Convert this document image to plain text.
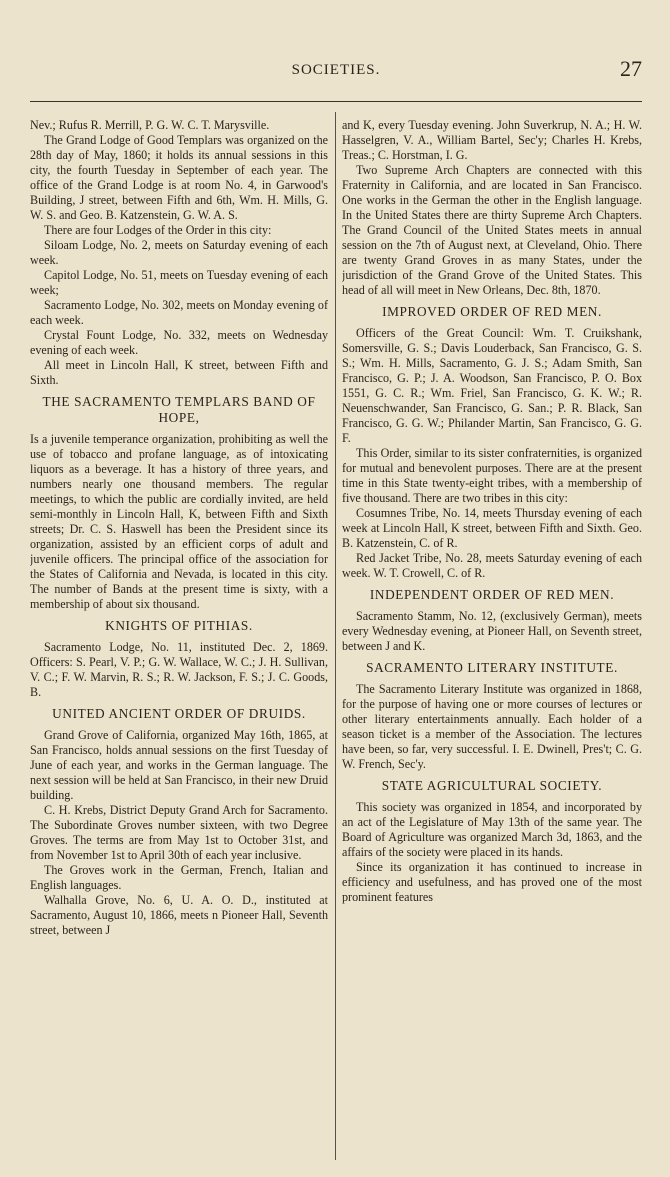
SOCIETIES.	27

Nev.; Rufus R. Merrill, P. G. W. C. T. Marysville.

The Grand Lodge of Good Templars was organized on the 28th day of May, 1860; it holds its annual sessions in this city, the fourth Tuesday in September of each year. The office of the Grand Lodge is at room No. 4, in Garwood's Building, J street, between Fifth and 6th, Wm. H. Mills, G. W. S. and Geo. B. Katzenstein, G. W. A. S.

There are four Lodges of the Order in this city:

Siloam Lodge, No. 2, meets on Saturday evening of each week.

Capitol Lodge, No. 51, meets on Tuesday evening of each week;

Sacramento Lodge, No. 302, meets on Monday evening of each week.

Crystal Fount Lodge, No. 332, meets on Wednesday evening of each week.

All meet in Lincoln Hall, K street, between Fifth and Sixth.

THE SACRAMENTO TEMPLARS BAND OF HOPE,

Is a juvenile temperance organization, prohibiting as well the use of tobacco and profane language, as of intoxicating liquors as a beverage. It has a history of three years, and numbers nearly one thousand members. The regular meetings, to which the public are cordially invited, are held semi-monthly in Lincoln Hall, K, between Fifth and Sixth streets; Dr. C. S. Haswell has been the President since its organization, assisted by an efficient corps of adult and juvenile officers. The principal office of the association for the States of California and Nevada, is located in this city. The number of Bands at the present time is sixty, with a membership of about six thousand.

KNIGHTS OF PITHIAS.

Sacramento Lodge, No. 11, instituted Dec. 2, 1869. Officers: S. Pearl, V. P.; G. W. Wallace, W. C.; J. H. Sullivan, V. C.; F. W. Marvin, R. S.; R. W. Jackson, F. S.; J. C. Goods, B.

UNITED ANCIENT ORDER OF DRUIDS.

Grand Grove of California, organized May 16th, 1865, at San Francisco, holds annual sessions on the first Tuesday of June of each year, and works in the German language. The next session will be held at San Francisco, in their new Druid building.

C. H. Krebs, District Deputy Grand Arch for Sacramento. The Subordinate Groves number sixteen, with two Degree Groves. The terms are from May 1st to October 31st, and from November 1st to April 30th of each year inclusive.

The Groves work in the German, French, Italian and English languages.

Walhalla Grove, No. 6, U. A. O. D., instituted at Sacramento, August 10, 1866, meets n Pioneer Hall, Seventh street, between J

and K, every Tuesday evening. John Suverkrup, N. A.; H. W. Hasselgren, V. A., William Bartel, Sec'y; Charles H. Krebs, Treas.; C. Horstman, I. G.

Two Supreme Arch Chapters are connected with this Fraternity in California, and are located in San Francisco. One works in the German the other in the English language. In the United States there are thirty Supreme Arch Chapters. The Grand Council of the United States meets in annual session on the 7th of August next, at Cleveland, Ohio. There are twenty Grand Groves in as many States, under the jurisdiction of the Grand Grove of the United States. This head of all will meet in New Orleans, Dec. 8th, 1870.

IMPROVED ORDER OF RED MEN.

Officers of the Great Council: Wm. T. Cruikshank, Somersville, G. S.; Davis Louderback, San Francisco, G. S. S.; Wm. H. Mills, Sacramento, G. J. S.; Adam Smith, San Francisco, G. P.; J. A. Woodson, San Francisco, P. O. Box 1551, G. C. R.; Wm. Friel, San Francisco, G. K. W.; R. Neuenschwander, San Francisco, G. San.; P. R. Black, San Francisco, G. G. W.; Philander Martin, San Francisco, G. G. F.

This Order, similar to its sister confraternities, is organized for mutual and benevolent purposes. There are at the present time in this State twenty-eight tribes, with a membership of five thousand. There are two tribes in this city:

Cosumnes Tribe, No. 14, meets Thursday evening of each week at Lincoln Hall, K street, between Fifth and Sixth. Geo. B. Katzenstein, C. of R.

Red Jacket Tribe, No. 28, meets Saturday evening of each week. W. T. Crowell, C. of R.

INDEPENDENT ORDER OF RED MEN.

Sacramento Stamm, No. 12, (exclusively German), meets every Wednesday evening, at Pioneer Hall, on Seventh street, between J and K.

SACRAMENTO LITERARY INSTITUTE.

The Sacramento Literary Institute was organized in 1868, for the purpose of having one or more courses of lectures or other literary entertainments annually. Each holder of a season ticket is a member of the Association. The lectures have been, so far, very successful. I. E. Dwinell, Pres't; C. G. W. French, Sec'y.

STATE AGRICULTURAL SOCIETY.

This society was organized in 1854, and incorporated by an act of the Legislature of May 13th of the same year. The Board of Agriculture was organized March 3d, 1863, and the affairs of the society were placed in its hands.

Since its organization it has continued to increase in efficiency and usefulness, and has proved one of the most prominent features
